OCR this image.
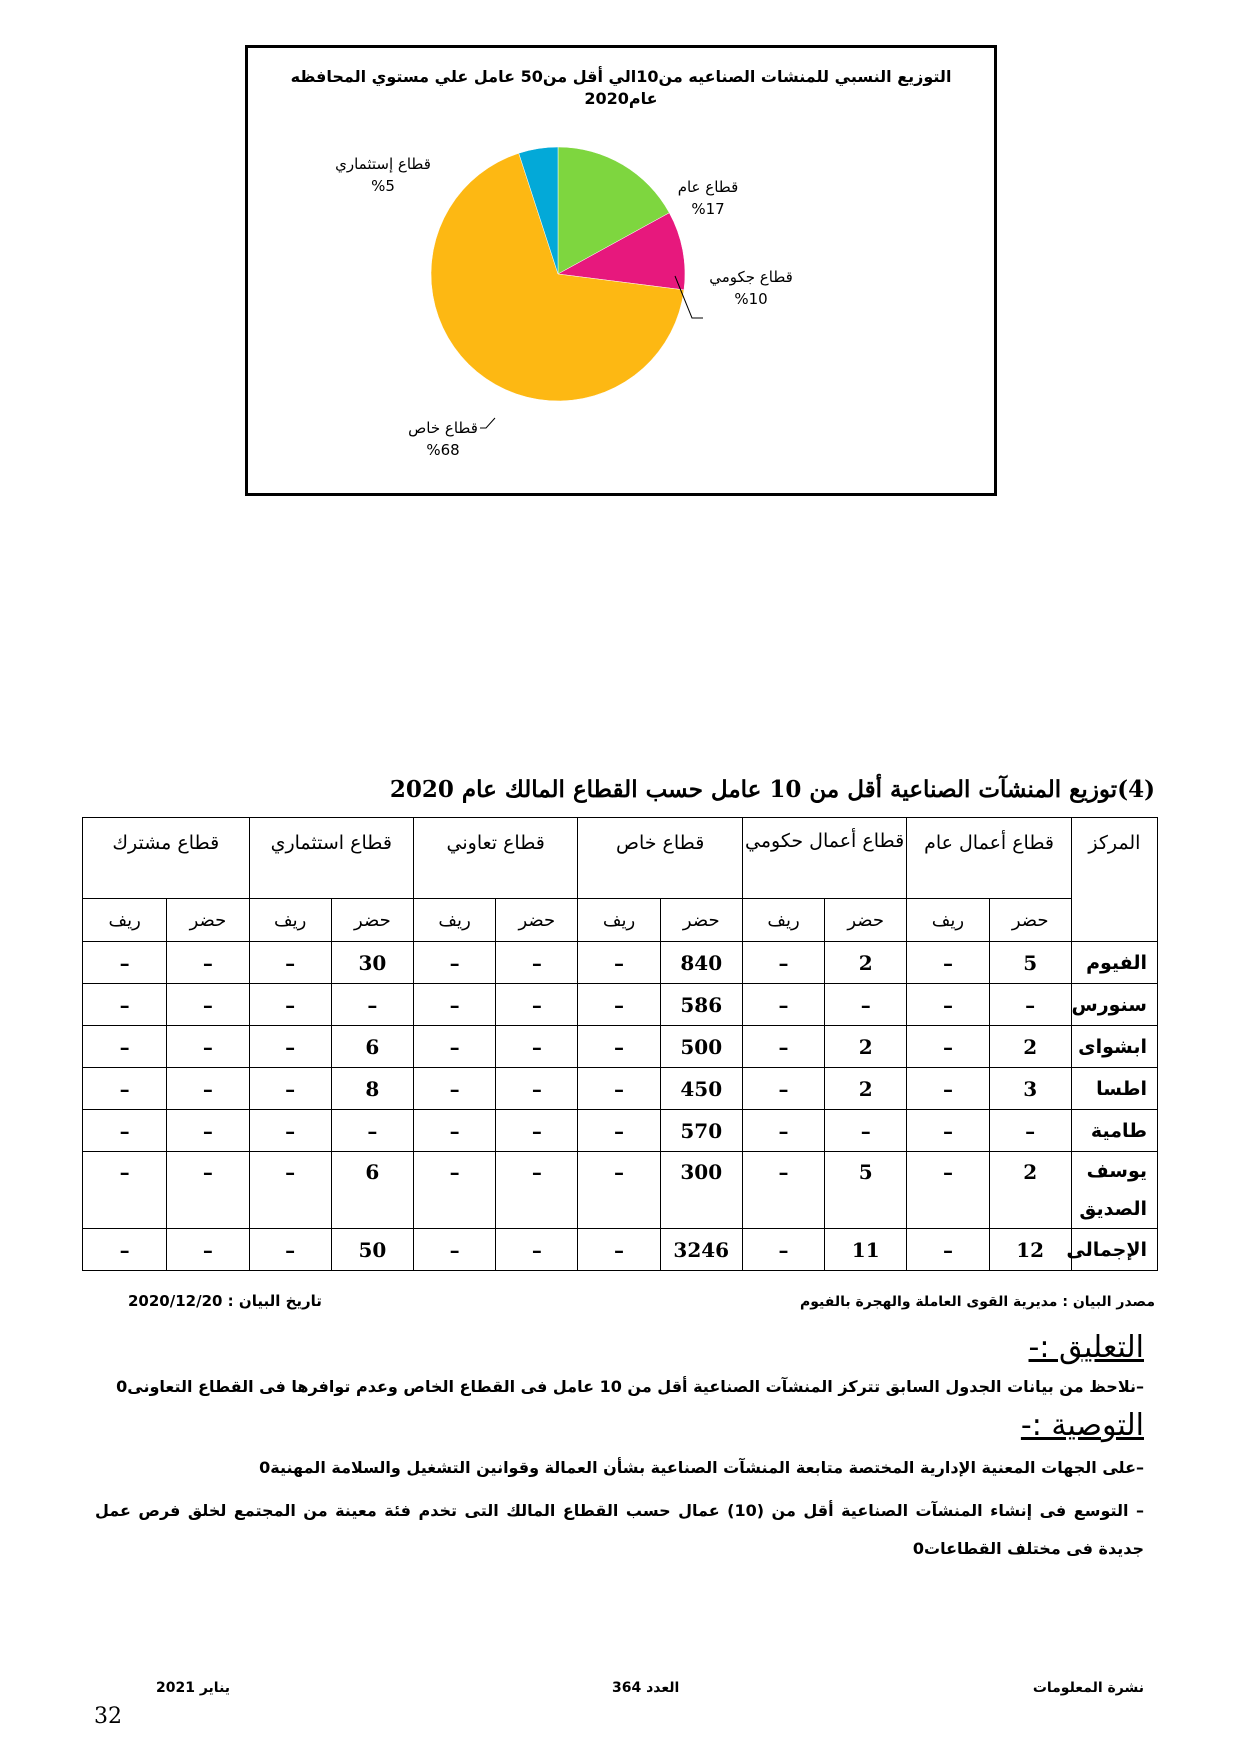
التوزيع النسبي للمنشات الصناعيه من10الي أقل من50 عامل علي مستوي المحافظه
عام2020
قطاع عام
%17
قطاع جكومي
%10
قطاع خاص
%68
قطاع إستثماري
%5
(4)توزيع المنشآت الصناعية أقل من 10 عامل حسب القطاع المالك عام 2020
المركز	قطاع أعمال عام		قطاع أعمال حكومي		قطاع خاص		قطاع تعاوني		قطاع استثماري		قطاع مشترك	
	حضر	ريف	حضر	ريف	حضر	ريف	حضر	ريف	حضر	ريف	حضر	ريف
الفيوم	5	–	2	–	840	–	–	–	30	–	–	–
سنورس	–	–	–	–	586	–	–	–	–	–	–	–
ابشواى	2	–	2	–	500	–	–	–	6	–	–	–
اطسا	3	–	2	–	450	–	–	–	8	–	–	–
طامية	–	–	–	–	570	–	–	–	–	–	–	–
يوسف الصديق	2	–	5	–	300	–	–	–	6	–	–	–
الإجمالى	12	–	11	–	3246	–	–	–	50	–	–	–
مصدر البيان : مديرية القوى العاملة والهجرة بالفيوم
تاريخ البيان : 2020/12/20
التعليق :-
–نلاحظ من بيانات الجدول السابق تتركز المنشآت الصناعية أقل من 10 عامل فى القطاع الخاص وعدم توافرها فى القطاع التعاونى0
التوصية :-
–على الجهات المعنية الإدارية المختصة متابعة المنشآت الصناعية بشأن العمالة وقوانين التشغيل والسلامة المهنية0
– التوسع فى إنشاء المنشآت الصناعية أقل من (10) عمال حسب القطاع المالك التى تخدم فئة معينة من المجتمع لخلق فرص عمل جديدة فى مختلف القطاعات0
نشرة المعلومات
العدد 364
يناير 2021
32
